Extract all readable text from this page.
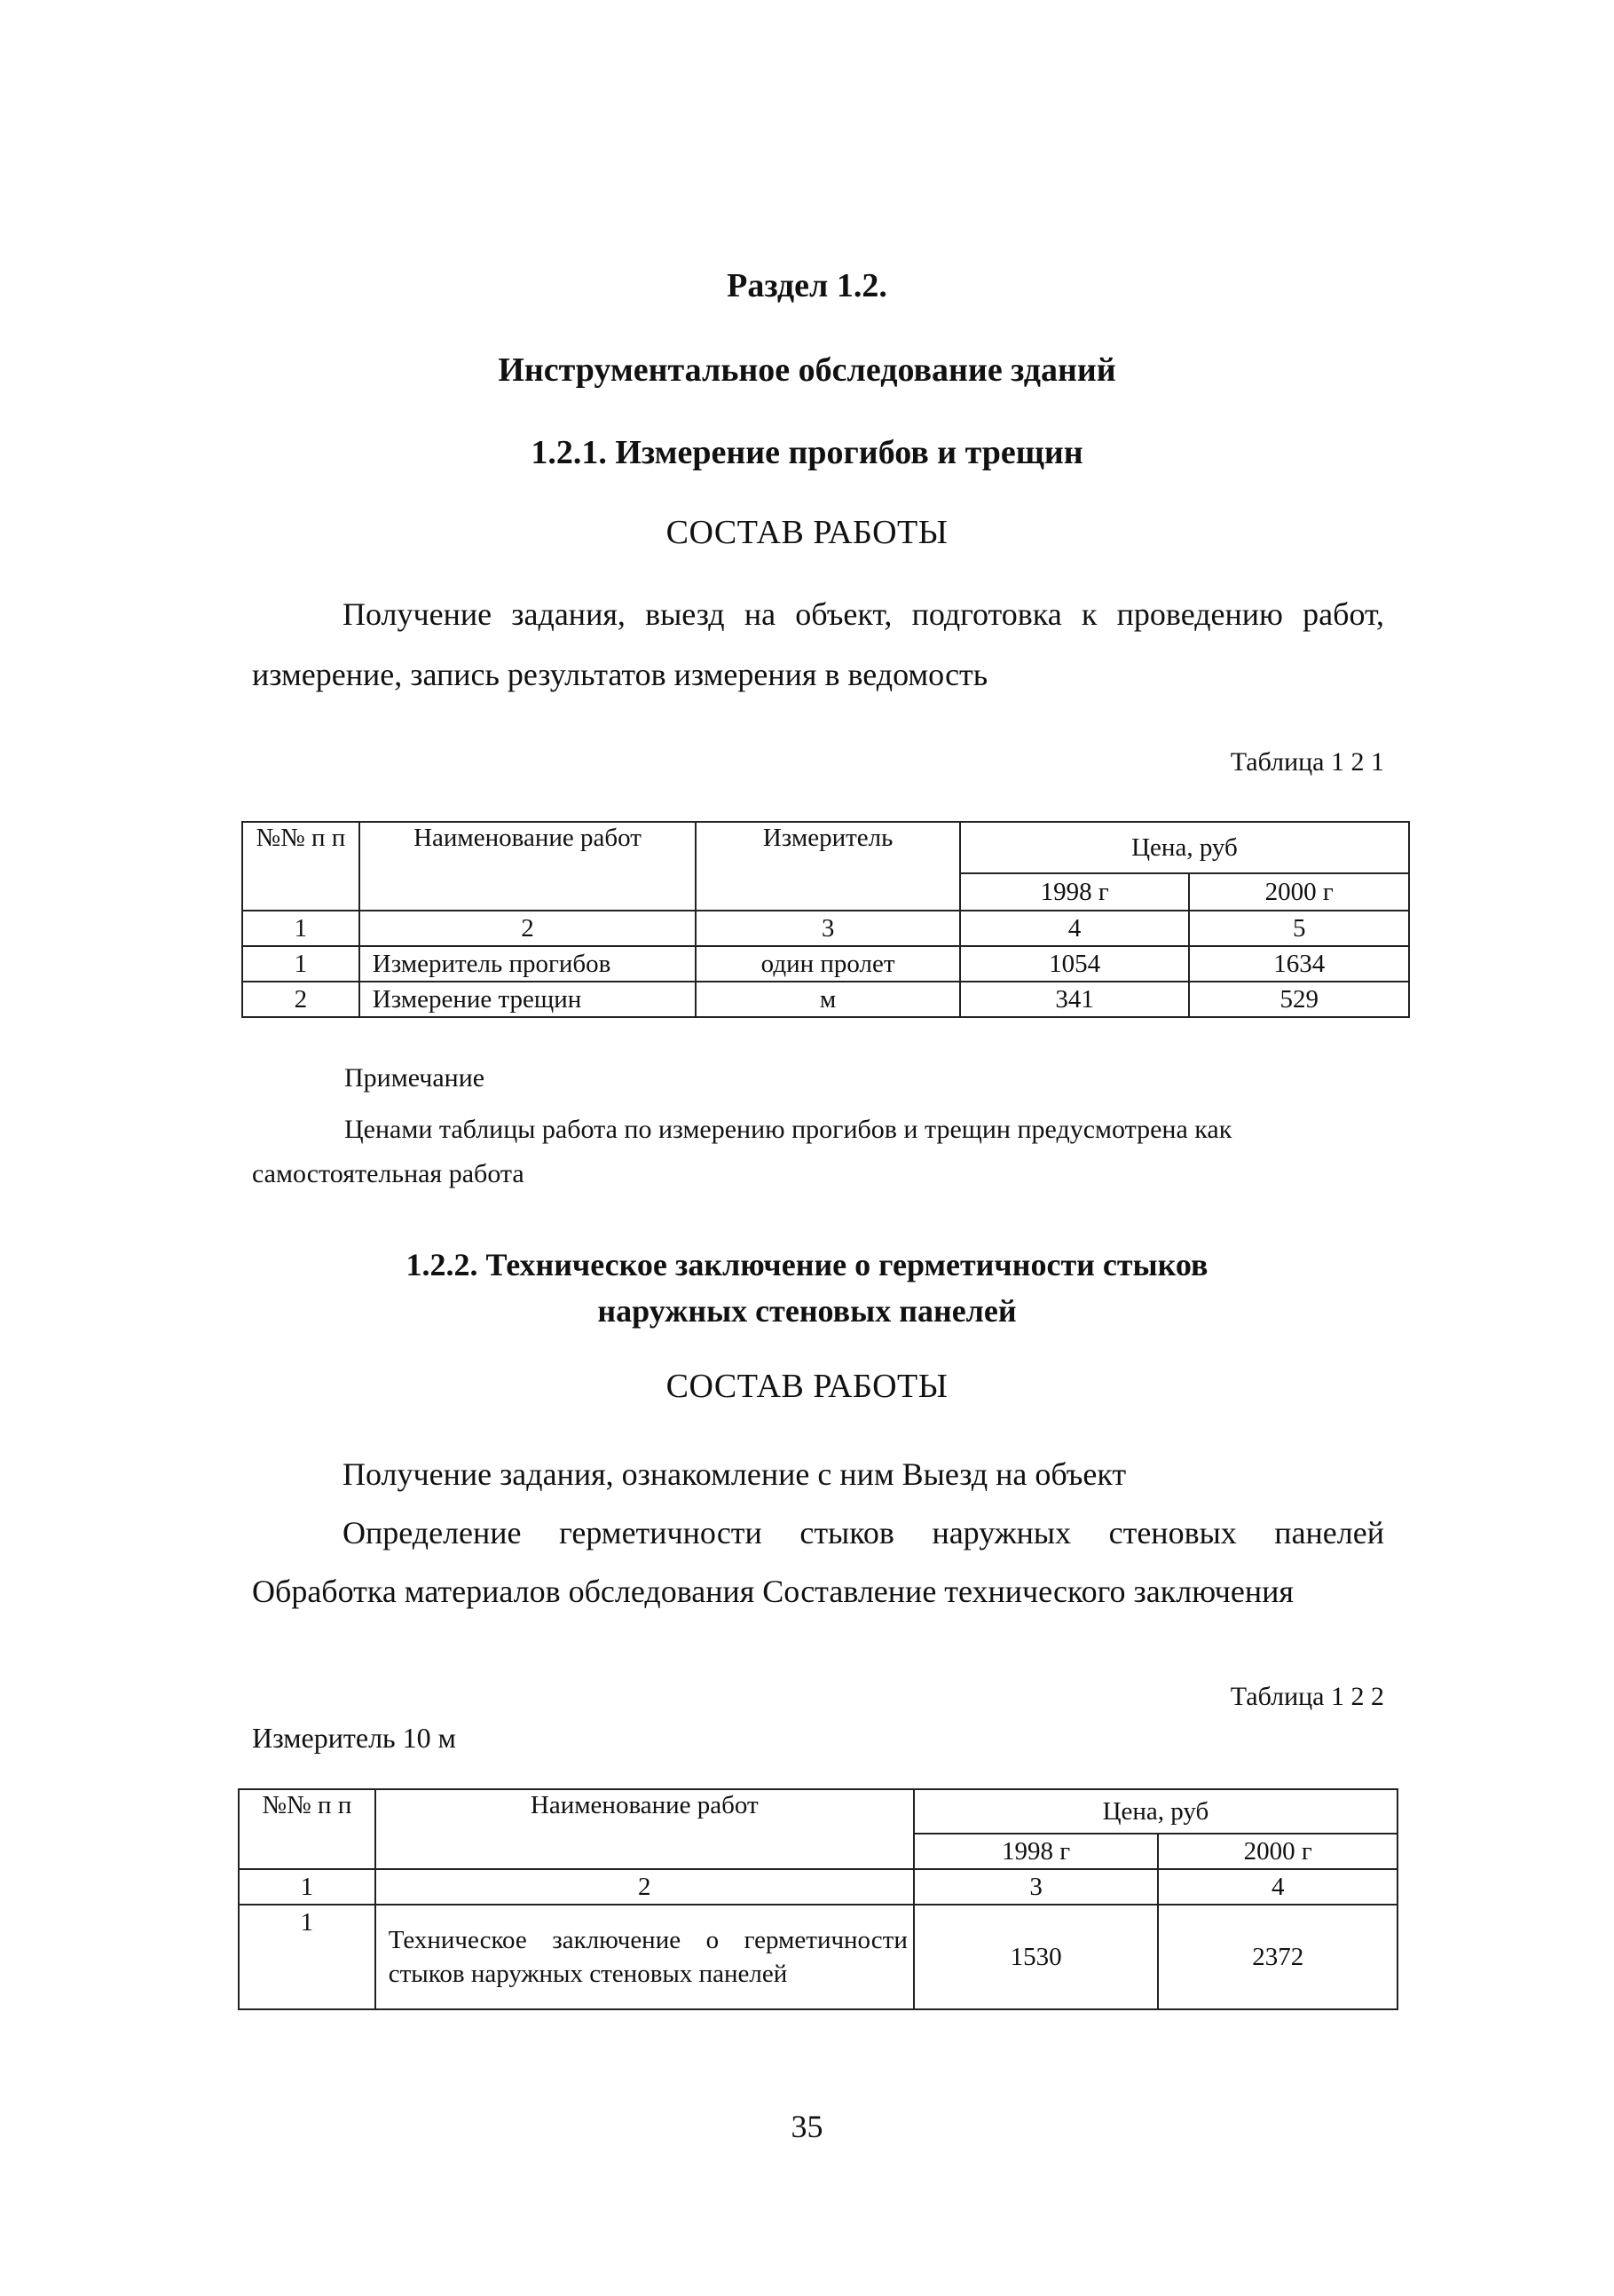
Раздел 1.2.
Инструментальное обследование зданий
1.2.1. Измерение прогибов и трещин
СОСТАВ РАБОТЫ
Получение задания, выезд на объект, подготовка к проведению работ, измерение, запись результатов измерения в ведомость
Таблица 1 2 1
№№ п п	Наименование работ	Измеритель	Цена, руб	
			1998 г	2000 г
1	2	3	4	5
1	Измеритель прогибов	один пролет	1054	1634
2	Измерение трещин	м	341	529
Примечание
Ценами таблицы работа по измерению прогибов и трещин предусмотрена как самостоятельная работа
1.2.2. Техническое заключение о герметичности стыков
наружных стеновых панелей
СОСТАВ РАБОТЫ
Получение задания, ознакомление с ним Выезд на объект
Определение герметичности стыков наружных стеновых панелей Обработка материалов обследования Составление технического заключения
Таблица 1 2 2
Измеритель 10 м
№№ п п	Наименование работ	Цена, руб	
		1998 г	2000 г
1	2	3	4
1	Техническое заключение о герметичности стыков наружных стеновых панелей	1530	2372
35
